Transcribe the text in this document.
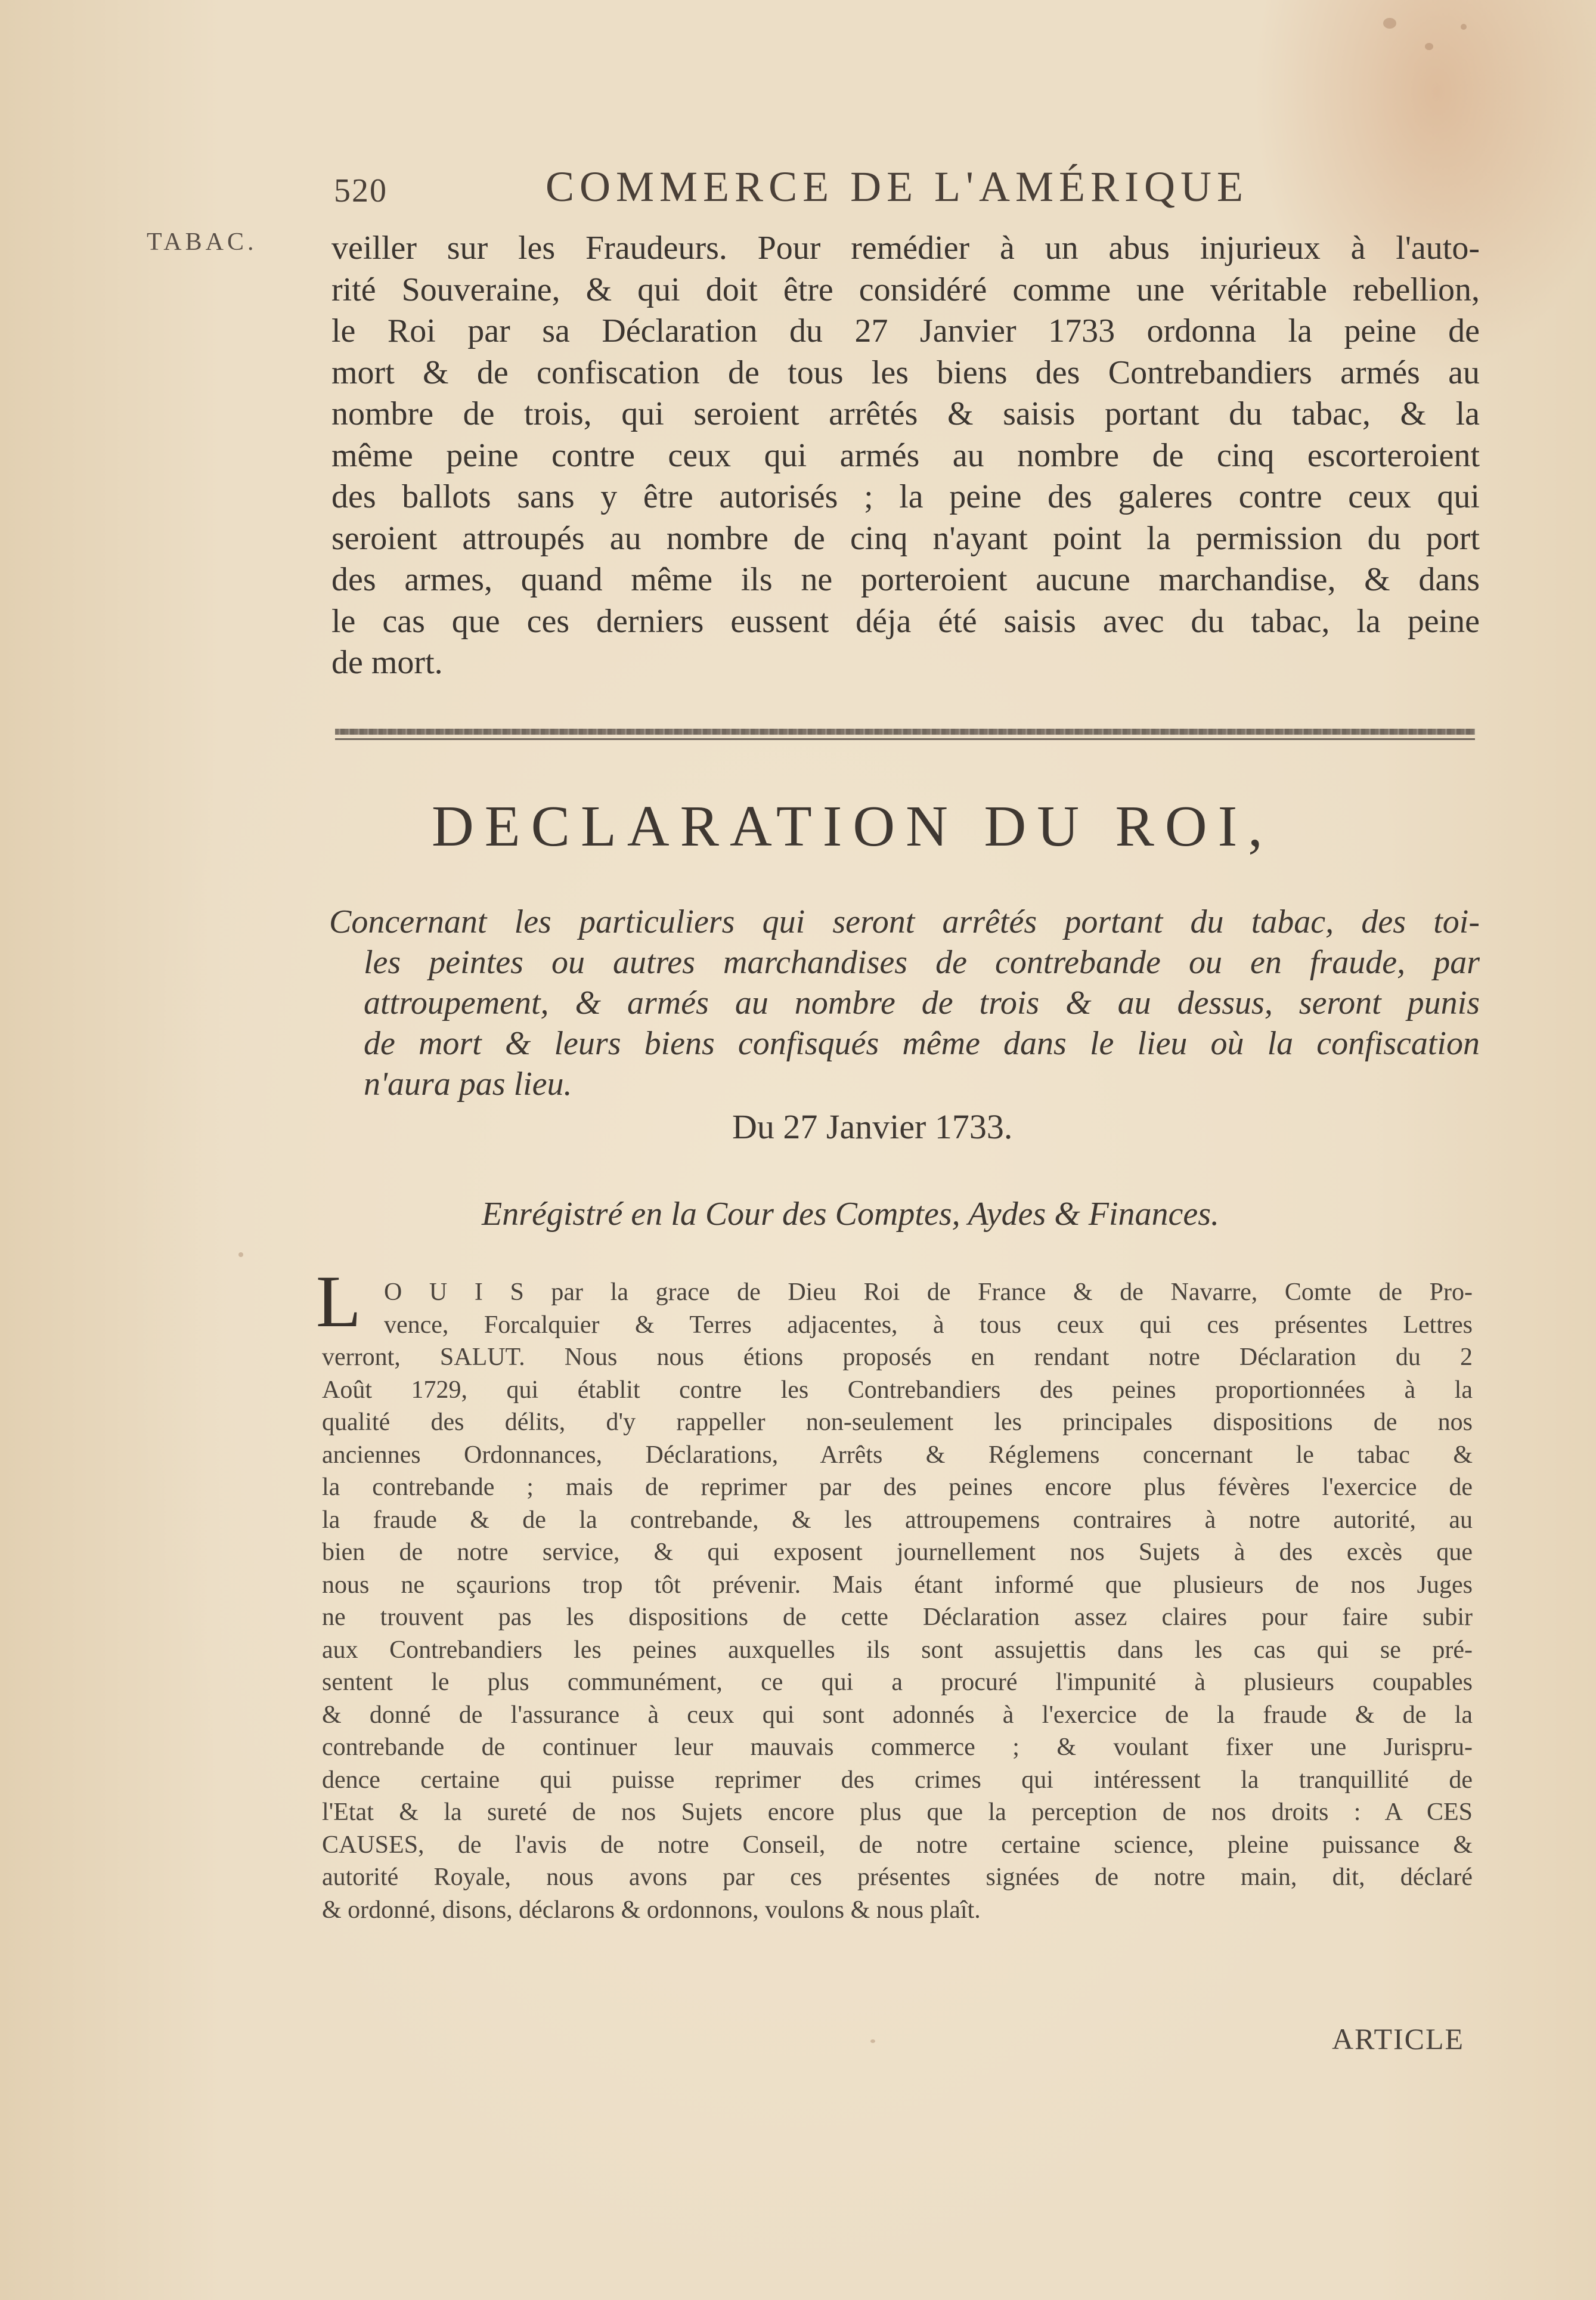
520	COMMERCE DE L'AMÉRIQUE
TABAC. veiller sur les Fraudeurs. Pour remédier à un abus injurieux à l'auto-
rité Souveraine, & qui doit être considéré comme une véritable rebellion,
le Roi par sa Déclaration du 27 Janvier 1733 ordonna la peine de
mort & de confiscation de tous les biens des Contrebandiers armés au
nombre de trois, qui seroient arrêtés & saisis portant du tabac, & la
même peine contre ceux qui armés au nombre de cinq escorteroient
des ballots sans y être autorisés ; la peine des galeres contre ceux qui
seroient attroupés au nombre de cinq n'ayant point la permission du port
des armes, quand même ils ne porteroient aucune marchandise, & dans
le cas que ces derniers eussent déja été saisis avec du tabac, la peine
de mort.
DECLARATION DU ROI,
Concernant les particuliers qui seront arrêtés portant du tabac, des toi-
les peintes ou autres marchandises de contrebande ou en fraude, par
attroupement, & armés au nombre de trois & au dessus, seront punis
de mort & leurs biens confisqués même dans le lieu où la confiscation
n'aura pas lieu.
Du 27 Janvier 1733.
Enrégistré en la Cour des Comptes, Aydes & Finances.
L O U I S par la grace de Dieu Roi de France & de Navarre, Comte de Pro-
vence, Forcalquier & Terres adjacentes, à tous ceux qui ces présentes Lettres
verront, SALUT. Nous nous étions proposés en rendant notre Déclaration du 2
Août 1729, qui établit contre les Contrebandiers des peines proportionnées à la
qualité des délits, d'y rappeller non-seulement les principales dispositions de nos
anciennes Ordonnances, Déclarations, Arrêts & Réglemens concernant le tabac &
la contrebande ; mais de reprimer par des peines encore plus févères l'exercice de
la fraude & de la contrebande, & les attroupemens contraires à notre autorité, au
bien de notre service, & qui exposent journellement nos Sujets à des excès que
nous ne sçaurions trop tôt prévenir. Mais étant informé que plusieurs de nos Juges
ne trouvent pas les dispositions de cette Déclaration assez claires pour faire subir
aux Contrebandiers les peines auxquelles ils sont assujettis dans les cas qui se pré-
sentent le plus communément, ce qui a procuré l'impunité à plusieurs coupables
& donné de l'assurance à ceux qui sont adonnés à l'exercice de la fraude & de la
contrebande de continuer leur mauvais commerce ; & voulant fixer une Jurispru-
dence certaine qui puisse reprimer des crimes qui intéressent la tranquillité de
l'Etat & la sureté de nos Sujets encore plus que la perception de nos droits : A CES
CAUSES, de l'avis de notre Conseil, de notre certaine science, pleine puissance &
autorité Royale, nous avons par ces présentes signées de notre main, dit, déclaré
& ordonné, disons, déclarons & ordonnons, voulons & nous plaît.
ARTICLE
